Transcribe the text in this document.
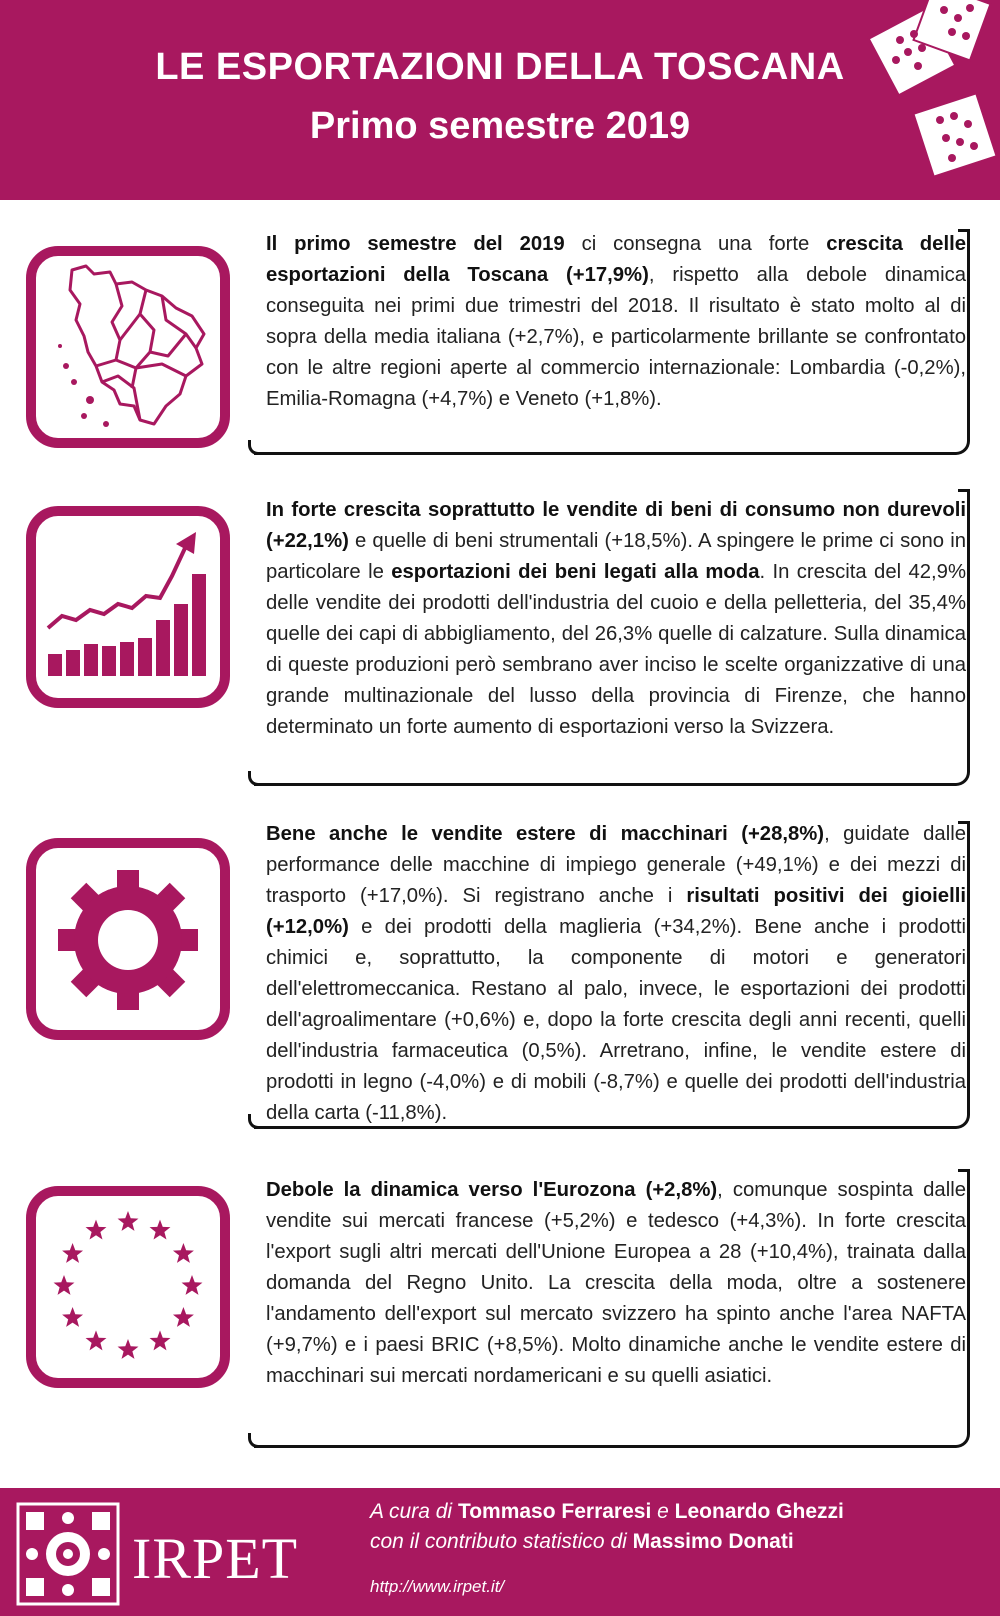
LE ESPORTAZIONI DELLA TOSCANA
Primo semestre 2019
Il primo semestre del 2019 ci consegna una forte crescita delle esportazioni della Toscana (+17,9%), rispetto alla debole dinamica conseguita nei primi due trimestri del 2018. Il risultato è stato molto al di sopra della media italiana (+2,7%), e particolarmente brillante se confrontato con le altre regioni aperte al commercio internazionale: Lombardia (-0,2%), Emilia-Romagna (+4,7%) e Veneto (+1,8%).
In forte crescita soprattutto le vendite di beni di consumo non durevoli (+22,1%) e quelle di beni strumentali (+18,5%). A spingere le prime ci sono in particolare le esportazioni dei beni legati alla moda. In crescita del 42,9% delle vendite dei prodotti dell'industria del cuoio e della pelletteria, del 35,4% quelle dei capi di abbigliamento, del 26,3% quelle di calzature. Sulla dinamica di queste produzioni però sembrano aver inciso le scelte organizzative di una grande multinazionale del lusso della provincia di Firenze, che hanno determinato un forte aumento di esportazioni verso la Svizzera.
Bene anche le vendite estere di macchinari (+28,8%), guidate dalle performance delle macchine di impiego generale (+49,1%) e dei mezzi di trasporto (+17,0%). Si registrano anche i risultati positivi dei gioielli (+12,0%) e dei prodotti della maglieria (+34,2%). Bene anche i prodotti chimici e, soprattutto, la componente di motori e generatori dell'elettromeccanica. Restano al palo, invece, le esportazioni dei prodotti dell'agroalimentare (+0,6%) e, dopo la forte crescita degli anni recenti, quelli dell'industria farmaceutica (0,5%). Arretrano, infine, le vendite estere di prodotti in legno (-4,0%) e di mobili (-8,7%) e quelle dei prodotti dell'industria della carta (-11,8%).
Debole la dinamica verso l'Eurozona (+2,8%), comunque sospinta dalle vendite sui mercati francese (+5,2%) e tedesco (+4,3%). In forte crescita l'export sugli altri mercati dell'Unione Europea a 28 (+10,4%), trainata dalla domanda del Regno Unito. La crescita della moda, oltre a sostenere l'andamento dell'export sul mercato svizzero ha spinto anche l'area NAFTA (+9,7%) e i paesi BRIC (+8,5%). Molto dinamiche anche le vendite estere di macchinari sui mercati nordamericani e su quelli asiatici.
IRPET
A cura di Tommaso Ferraresi e Leonardo Ghezzi
con il contributo statistico di Massimo Donati
http://www.irpet.it/
